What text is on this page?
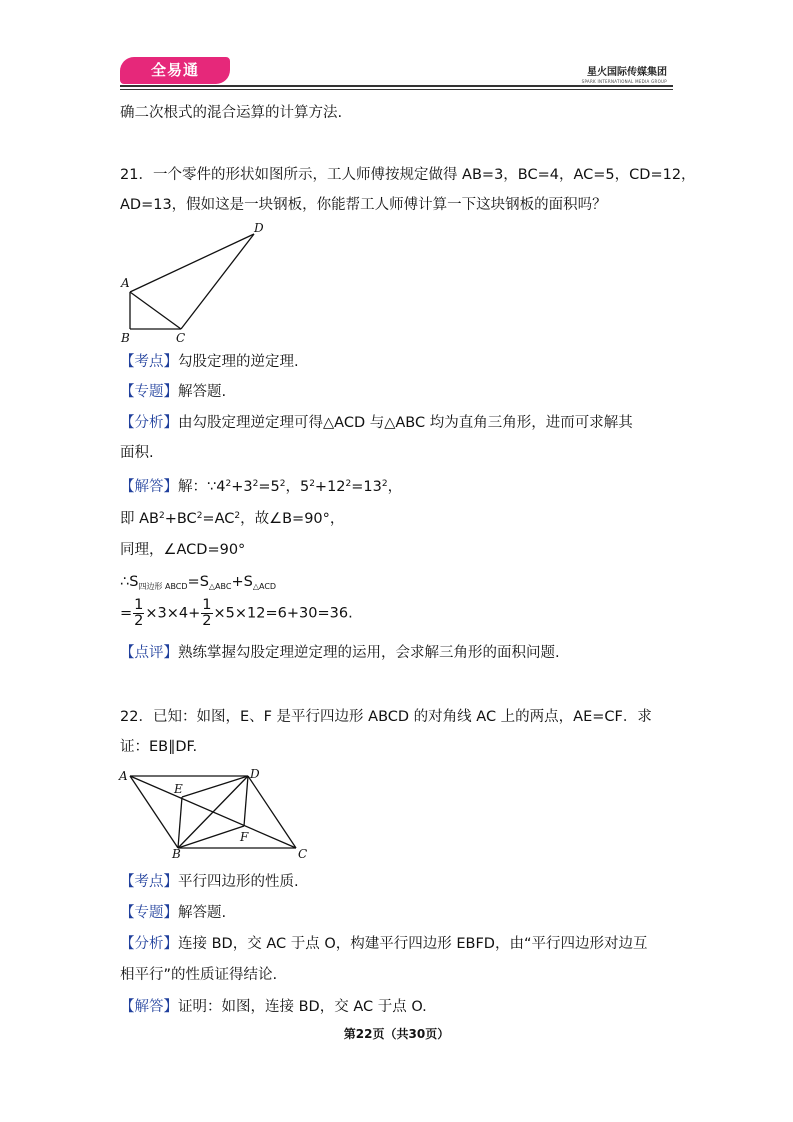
全易通	星火国际传媒集团
SPARK INTERNATIONAL MEDIA GROUP
确二次根式的混合运算的计算方法.
21．一个零件的形状如图所示，工人师傅按规定做得 AB=3，BC=4，AC=5，CD=12，
AD=13，假如这是一块钢板，你能帮工人师傅计算一下这块钢板的面积吗？
A
B	C
D
【考点】勾股定理的逆定理.
【专题】解答题.
【分析】由勾股定理逆定理可得△ACD 与△ABC 均为直角三角形，进而可求解其
面积.
【解答】解：$\because 4^2+3^2=5^2$，$5^2+12^2=13^2$，
即 $AB^2+BC^2=AC^2$，故∠B=90°，
同理，∠ACD=90°
$\therefore S_{四边形 ABCD}=S_{\triangle ABC}+S_{\triangle ACD}$
= $\frac{1}{2} \times 3\times 4+ \frac{1}{2} \times 5\times 12=6+30=36$.
【点评】熟练掌握勾股定理逆定理的运用，会求解三角形的面积问题.
22．已知：如图，E、F 是平行四边形 ABCD 的对角线 AC 上的两点，AE=CF．求
证：EB∥DF.
A	D
E
F
B	C
【考点】平行四边形的性质.
【专题】解答题.
【分析】连接 BD，交 AC 于点 O，构建平行四边形 EBFD，由“平行四边形对边互
相平行”的性质证得结论.
【解答】证明：如图，连接 BD，交 AC 于点 O.
第22页（共30页）
